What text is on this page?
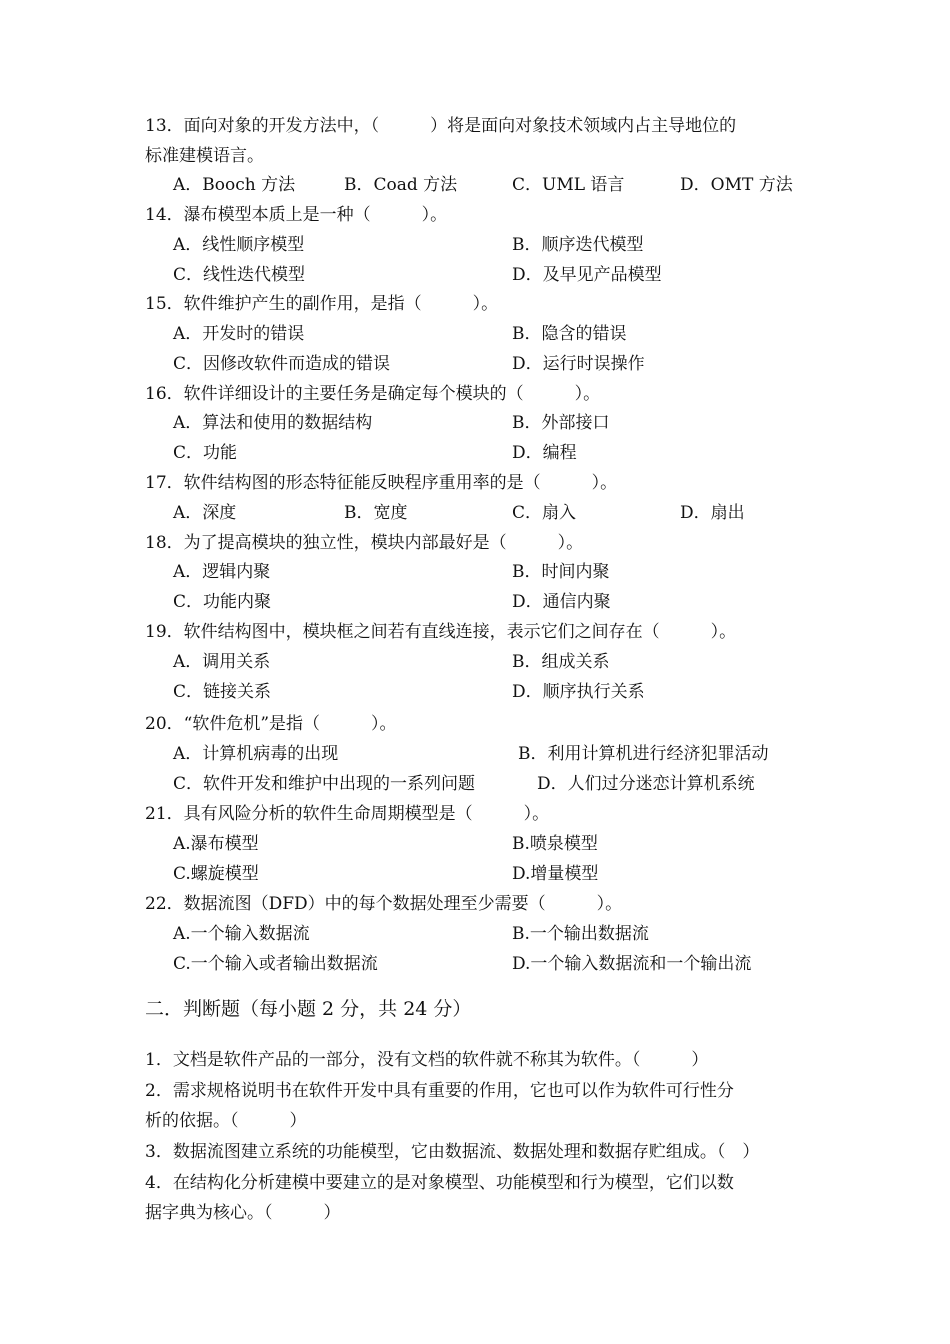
13．面向对象的开发方法中，（　　　）将是面向对象技术领域内占主导地位的
标准建模语言。
A．Booch 方法	B．Coad 方法	C．UML 语言	D．OMT 方法
14．瀑布模型本质上是一种（　　　）。
A．线性顺序模型	B．顺序迭代模型
C．线性迭代模型	D．及早见产品模型
15．软件维护产生的副作用，是指（　　　）。
A．开发时的错误	B．隐含的错误
C．因修改软件而造成的错误	D．运行时误操作
16．软件详细设计的主要任务是确定每个模块的（　　　）。
A．算法和使用的数据结构	B．外部接口
C．功能	D．编程
17．软件结构图的形态特征能反映程序重用率的是（　　　）。
A．深度	B．宽度	C．扇入	D．扇出
18．为了提高模块的独立性，模块内部最好是（　　　）。
A．逻辑内聚	B．时间内聚
C．功能内聚	D．通信内聚
19．软件结构图中，模块框之间若有直线连接，表示它们之间存在（　　　）。
A．调用关系	B．组成关系
C．链接关系	D．顺序执行关系
20．“软件危机”是指（　　　）。
A．计算机病毒的出现	B．利用计算机进行经济犯罪活动
C．软件开发和维护中出现的一系列问题	D．人们过分迷恋计算机系统
21．具有风险分析的软件生命周期模型是（　　　）。
A.瀑布模型	B.喷泉模型
C.螺旋模型	D.增量模型
22．数据流图（DFD）中的每个数据处理至少需要（　　　）。
A.一个输入数据流	B.一个输出数据流
C.一个输入或者输出数据流	D.一个输入数据流和一个输出流
二．判断题（每小题 2 分，共 24 分）
1．文档是软件产品的一部分，没有文档的软件就不称其为软件。（　　　）
2．需求规格说明书在软件开发中具有重要的作用，它也可以作为软件可行性分
析的依据。（　　　）
3．数据流图建立系统的功能模型，它由数据流、数据处理和数据存贮组成。（　）
4．在结构化分析建模中要建立的是对象模型、功能模型和行为模型，它们以数
据字典为核心。（　　　）
